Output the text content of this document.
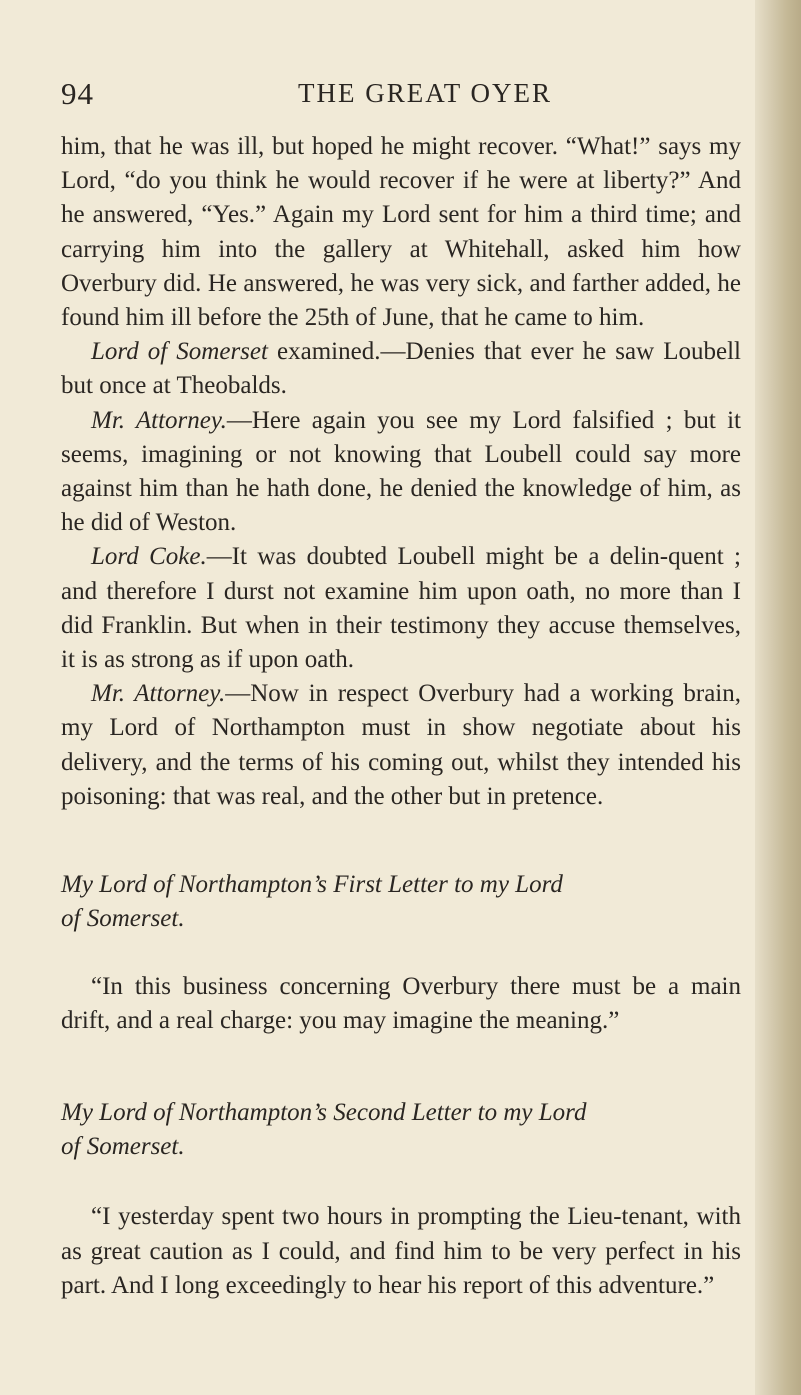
94	THE GREAT OYER

him, that he was ill, but hoped he might recover. “What!” says my Lord, “do you think he would recover if he were at liberty?” And he answered, “Yes.” Again my Lord sent for him a third time; and carrying him into the gallery at Whitehall, asked him how Overbury did. He answered, he was very sick, and farther added, he found him ill before the 25th of June, that he came to him.

Lord of Somerset examined.—Denies that ever he saw Loubell but once at Theobalds.

Mr. Attorney.—Here again you see my Lord falsified ; but it seems, imagining or not knowing that Loubell could say more against him than he hath done, he denied the knowledge of him, as he did of Weston.

Lord Coke.—It was doubted Loubell might be a delin-quent ; and therefore I durst not examine him upon oath, no more than I did Franklin. But when in their testimony they accuse themselves, it is as strong as if upon oath.

Mr. Attorney.—Now in respect Overbury had a working brain, my Lord of Northampton must in show negotiate about his delivery, and the terms of his coming out, whilst they intended his poisoning: that was real, and the other but in pretence.

My Lord of Northampton’s First Letter to my Lord

of Somerset.

“In this business concerning Overbury there must be a main drift, and a real charge: you may imagine the meaning.”

My Lord of Northampton’s Second Letter to my Lord

of Somerset.

“I yesterday spent two hours in prompting the Lieu-tenant, with as great caution as I could, and find him to be very perfect in his part. And I long exceedingly to hear his report of this adventure.”
